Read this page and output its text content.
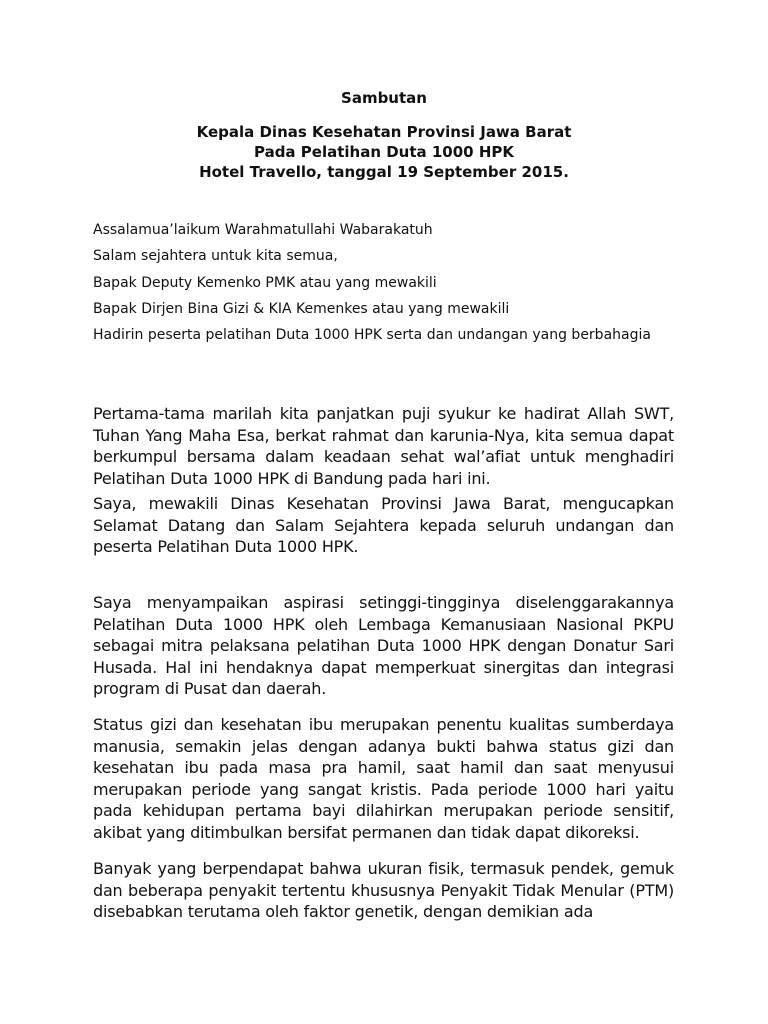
Sambutan

Kepala Dinas Kesehatan Provinsi Jawa Barat

Pada Pelatihan Duta 1000 HPK

Hotel Travello, tanggal 19 September 2015.

Assalamua’laikum Warahmatullahi Wabarakatuh

Salam sejahtera untuk kita semua,

Bapak Deputy Kemenko PMK atau yang mewakili

Bapak Dirjen Bina Gizi & KIA Kemenkes atau yang mewakili

Hadirin peserta pelatihan Duta 1000 HPK serta dan undangan yang berbahagia

Pertama-tama marilah kita panjatkan puji syukur ke hadirat Allah SWT, Tuhan Yang Maha Esa, berkat rahmat dan karunia-Nya, kita semua dapat berkumpul bersama dalam keadaan sehat wal’afiat untuk menghadiri Pelatihan Duta 1000 HPK di Bandung pada hari ini.

Saya, mewakili Dinas Kesehatan Provinsi Jawa Barat, mengucapkan Selamat Datang dan Salam Sejahtera kepada seluruh undangan dan peserta Pelatihan Duta 1000 HPK.

Saya menyampaikan aspirasi setinggi-tingginya diselenggarakannya Pelatihan Duta 1000 HPK oleh Lembaga Kemanusiaan Nasional PKPU sebagai mitra pelaksana pelatihan Duta 1000 HPK dengan Donatur Sari Husada. Hal ini hendaknya dapat memperkuat sinergitas dan integrasi program di Pusat dan daerah.

Status gizi dan kesehatan ibu merupakan penentu kualitas sumberdaya manusia, semakin jelas dengan adanya bukti bahwa status gizi dan kesehatan ibu pada masa pra hamil, saat hamil dan saat menyusui merupakan periode yang sangat kristis. Pada periode 1000 hari yaitu pada kehidupan pertama bayi dilahirkan merupakan periode sensitif, akibat yang ditimbulkan bersifat permanen dan tidak dapat dikoreksi.

Banyak yang berpendapat bahwa ukuran fisik, termasuk pendek, gemuk dan beberapa penyakit tertentu khususnya Penyakit Tidak Menular (PTM) disebabkan terutama oleh faktor genetik, dengan demikian ada
